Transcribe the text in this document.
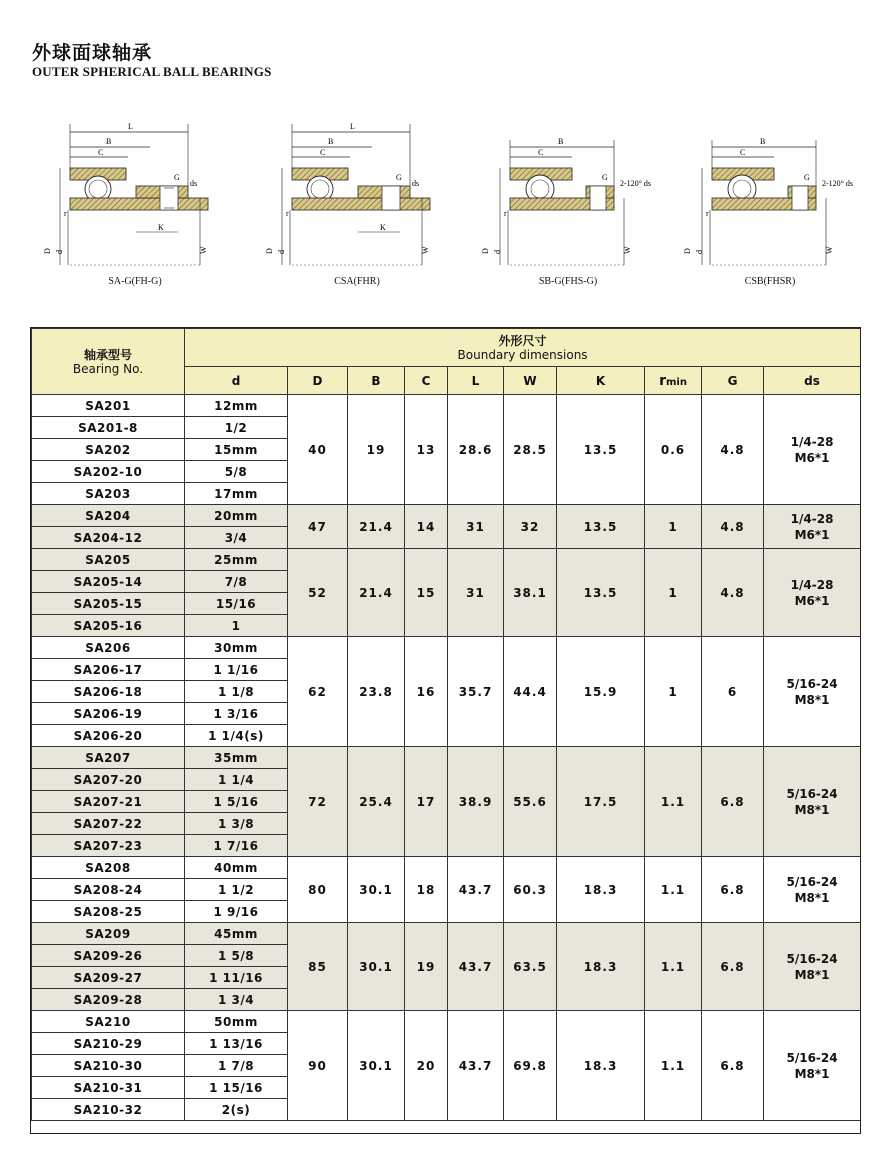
外球面球轴承
OUTER SPHERICAL BALL BEARINGS
L
B
C
G
ds
K
D d
r
W
SA-G(FH-G)
L
B
C
G
ds
K
D d
r
W
CSA(FHR)
B
C
G
2-120° ds
D d
r
W
SB-G(FHS-G)
B
C
G
2-120° ds
D d
r
W
CSB(FHSR)
轴承型号
Bearing No.	外形尺寸
Boundary dimensions									
	d	D	B	C	L	W	K	rmin	G	ds
SA201	12mm	40	19	13	28.6	28.5	13.5	0.6	4.8	1/4-28
M6*1

SA201-8	1/2									
SA202	15mm									
SA202-10	5/8									
SA203	17mm									
SA204	20mm	47	21.4	14	31	32	13.5	1	4.8	1/4-28
M6*1

SA204-12	3/4									
SA205	25mm	52	21.4	15	31	38.1	13.5	1	4.8	1/4-28
M6*1

SA205-14	7/8									
SA205-15	15/16									
SA205-16	1									
SA206	30mm	62	23.8	16	35.7	44.4	15.9	1	6	5/16-24
M8*1

SA206-17	1 1/16									
SA206-18	1 1/8									
SA206-19	1 3/16									
SA206-20	1 1/4(s)									
SA207	35mm	72	25.4	17	38.9	55.6	17.5	1.1	6.8	5/16-24
M8*1

SA207-20	1 1/4									
SA207-21	1 5/16									
SA207-22	1 3/8									
SA207-23	1 7/16									
SA208	40mm	80	30.1	18	43.7	60.3	18.3	1.1	6.8	5/16-24
M8*1

SA208-24	1 1/2									
SA208-25	1 9/16									
SA209	45mm	85	30.1	19	43.7	63.5	18.3	1.1	6.8	5/16-24
M8*1

SA209-26	1 5/8									
SA209-27	1 11/16									
SA209-28	1 3/4									
SA210	50mm	90	30.1	20	43.7	69.8	18.3	1.1	6.8	5/16-24
M8*1

SA210-29	1 13/16									
SA210-30	1 7/8									
SA210-31	1 15/16									
SA210-32	2(s)									
